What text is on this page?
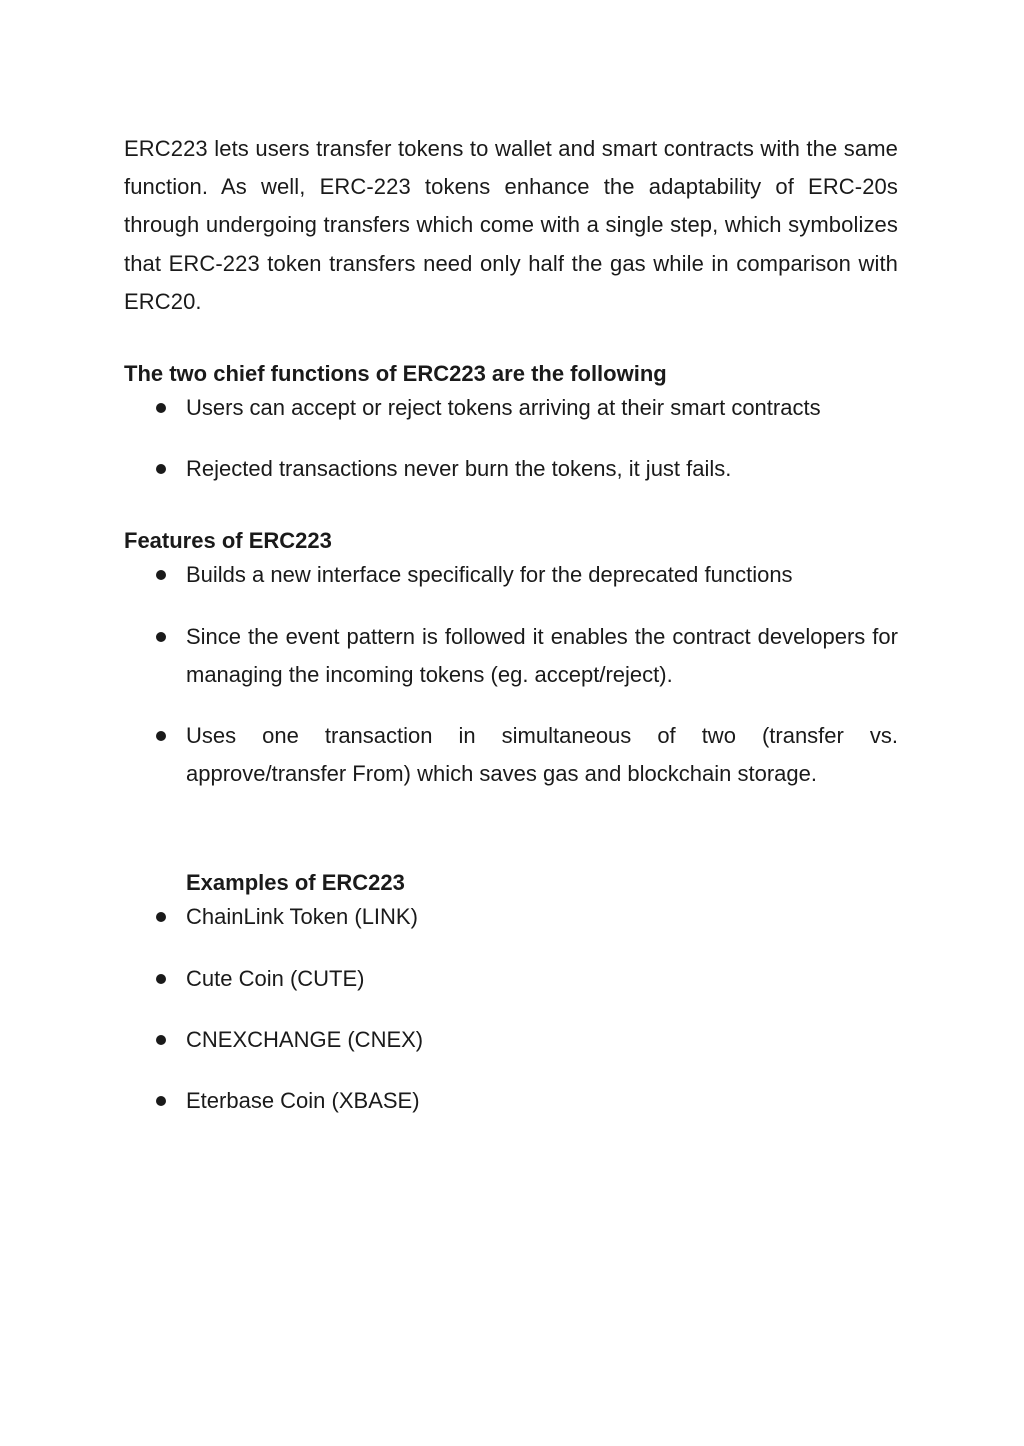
ERC223 lets users transfer tokens to wallet and smart contracts with the same function. As well, ERC-223 tokens enhance the adaptability of ERC-20s through undergoing transfers which come with a single step, which symbolizes that ERC-223 token transfers need only half the gas while in comparison with ERC20.

The two chief functions of ERC223 are the following
Users can accept or reject tokens arriving at their smart contracts
Rejected transactions never burn the tokens, it just fails.
Features of ERC223
Builds a new interface specifically for the deprecated functions
Since the event pattern is followed it enables the contract developers for managing the incoming tokens (eg. accept/reject).
Uses one transaction in simultaneous of two (transfer vs. approve/transfer From) which saves gas and blockchain storage.
Examples of ERC223
ChainLink Token (LINK)
Cute Coin (CUTE)
CNEXCHANGE (CNEX)
Eterbase Coin (XBASE)
